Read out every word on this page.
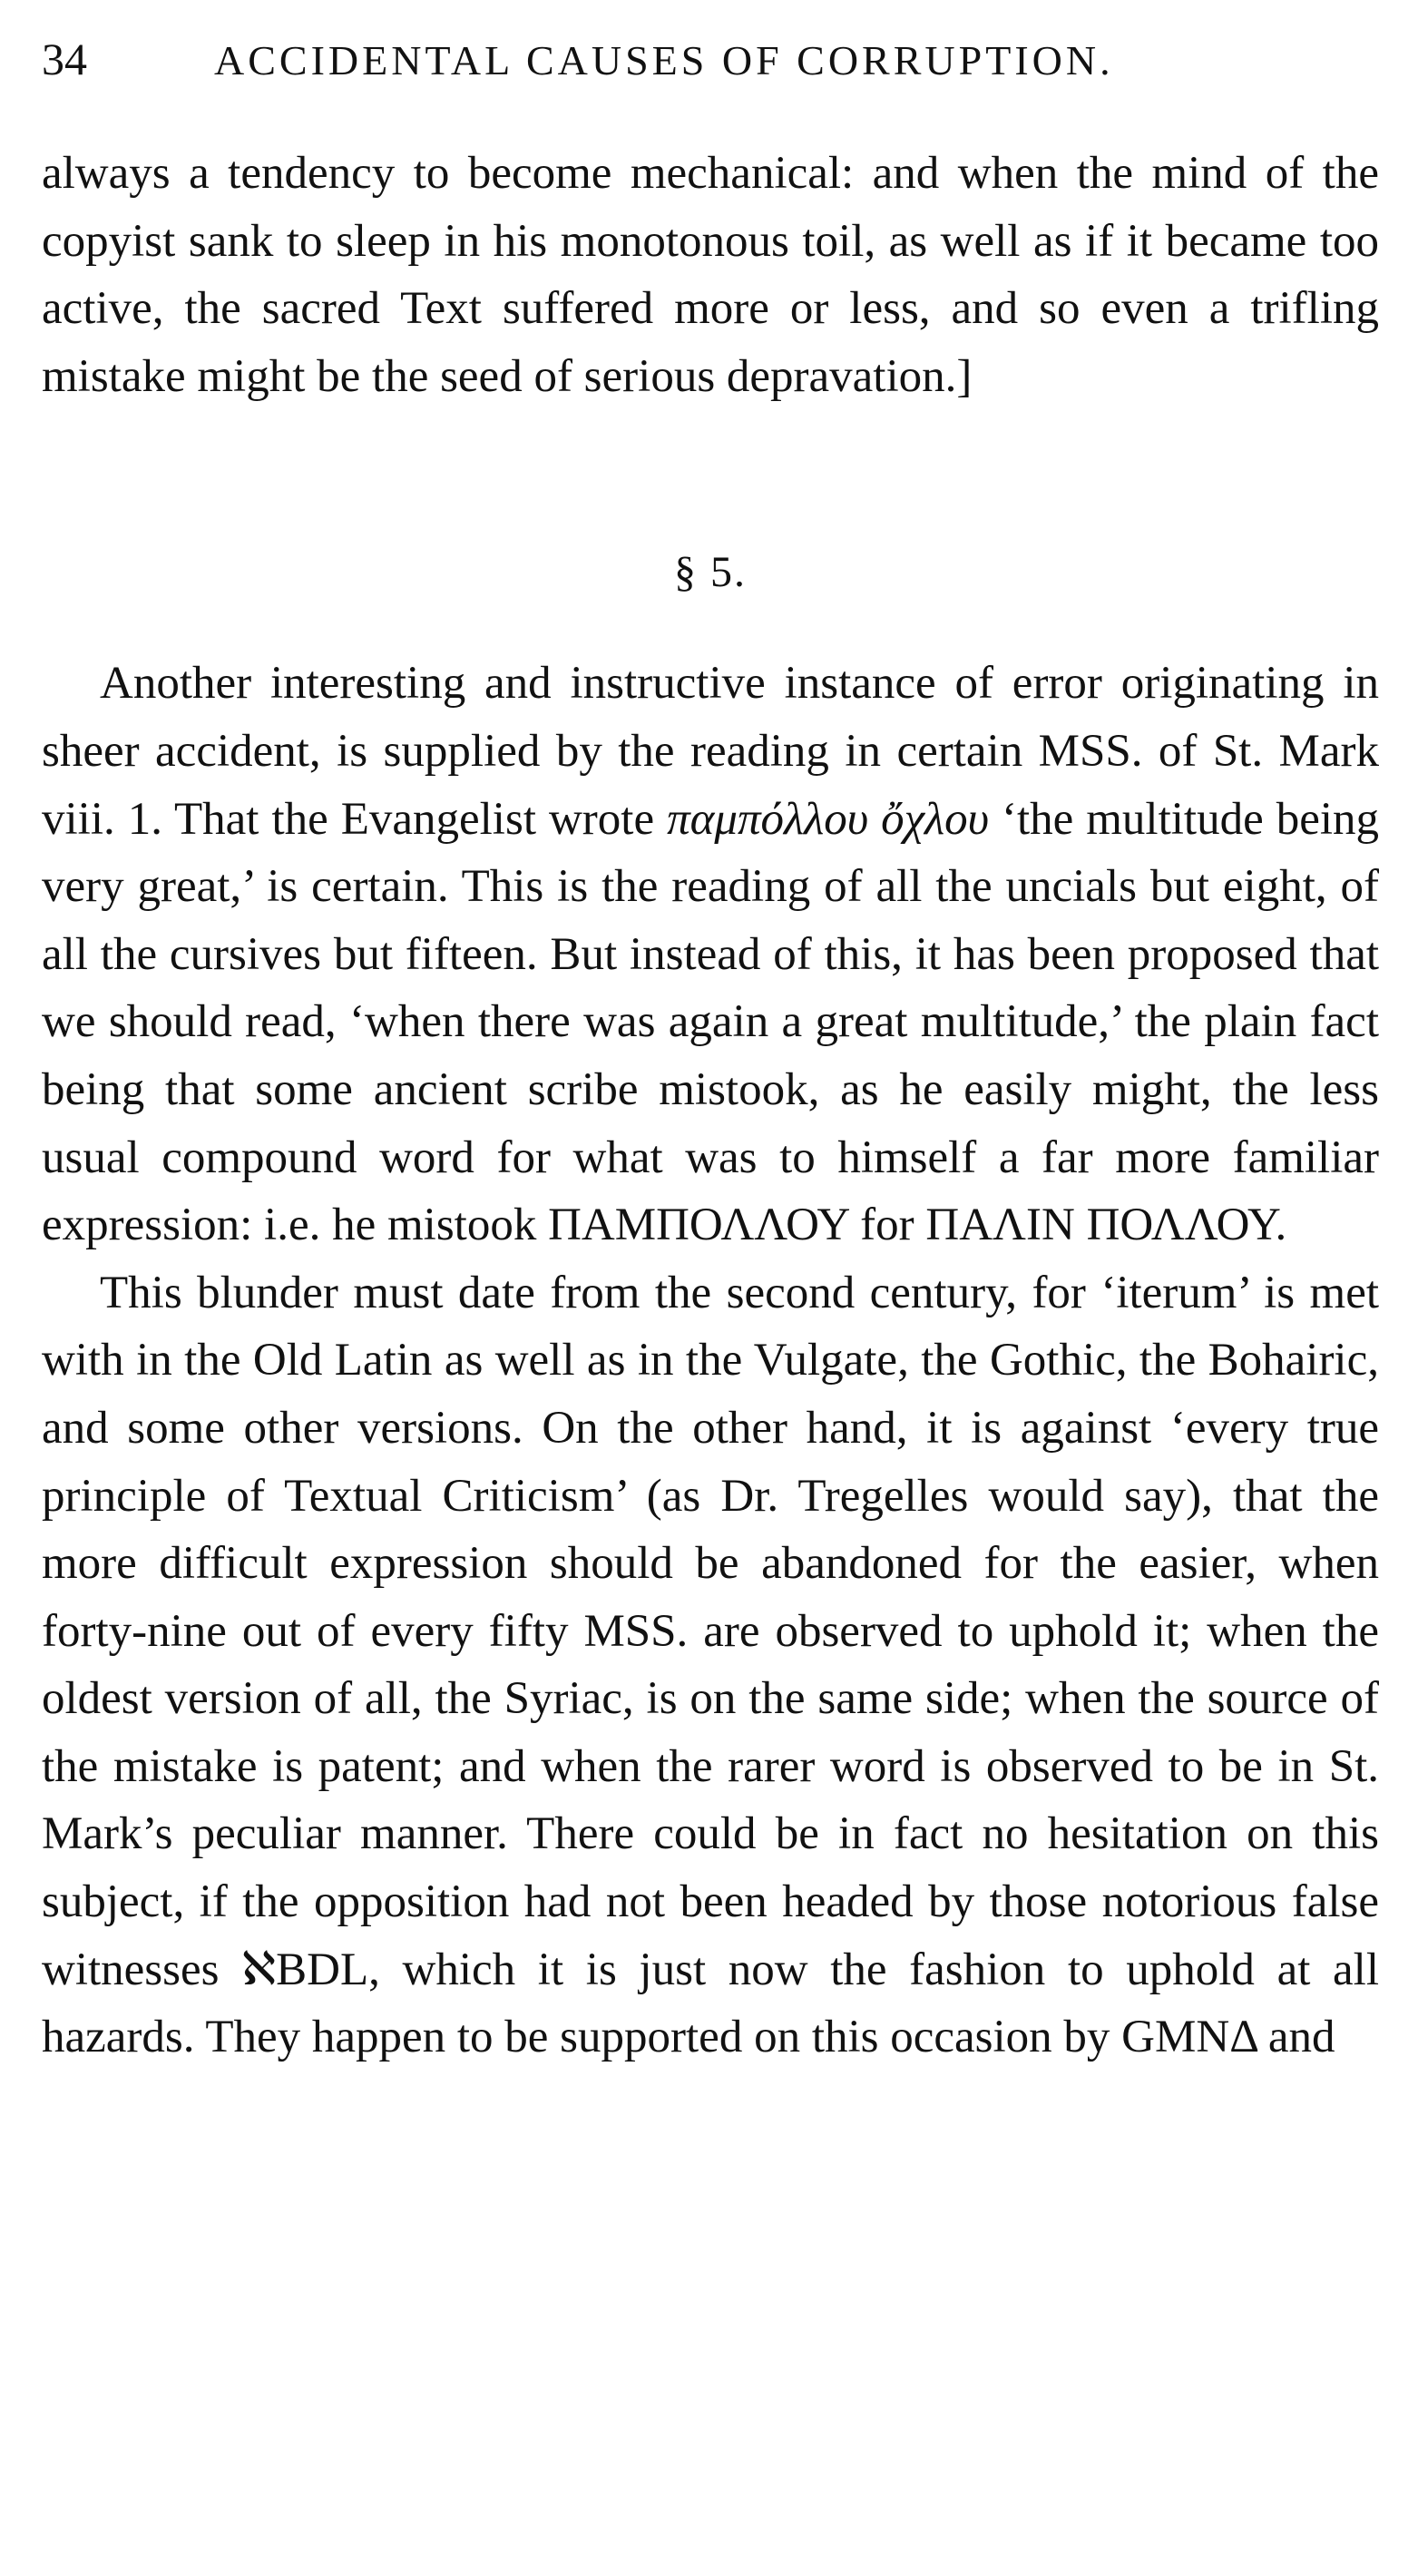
34	ACCIDENTAL CAUSES OF CORRUPTION.

always a tendency to become mechanical: and when the mind of the copyist sank to sleep in his monotonous toil, as well as if it became too active, the sacred Text suffered more or less, and so even a trifling mistake might be the seed of serious depravation.]

§ 5.

Another interesting and instructive instance of error originating in sheer accident, is supplied by the reading in certain MSS. of St. Mark viii. 1. That the Evangelist wrote παμπόλλου ὄχλου ‘the multitude being very great,’ is certain. This is the reading of all the uncials but eight, of all the cursives but fifteen. But instead of this, it has been proposed that we should read, ‘when there was again a great multitude,’ the plain fact being that some ancient scribe mistook, as he easily might, the less usual compound word for what was to himself a far more familiar expression: i.e. he mistook ΠΑΜΠΟΛΛΟΥ for ΠΑΛΙΝ ΠΟΛΛΟΥ.

This blunder must date from the second century, for ‘iterum’ is met with in the Old Latin as well as in the Vulgate, the Gothic, the Bohairic, and some other versions. On the other hand, it is against ‘every true principle of Textual Criticism’ (as Dr. Tregelles would say), that the more difficult expression should be abandoned for the easier, when forty-nine out of every fifty MSS. are observed to uphold it; when the oldest version of all, the Syriac, is on the same side; when the source of the mistake is patent; and when the rarer word is observed to be in St. Mark’s peculiar manner. There could be in fact no hesitation on this subject, if the opposition had not been headed by those notorious false witnesses ℵBDL, which it is just now the fashion to uphold at all hazards. They happen to be supported on this occasion by GMNΔ and
